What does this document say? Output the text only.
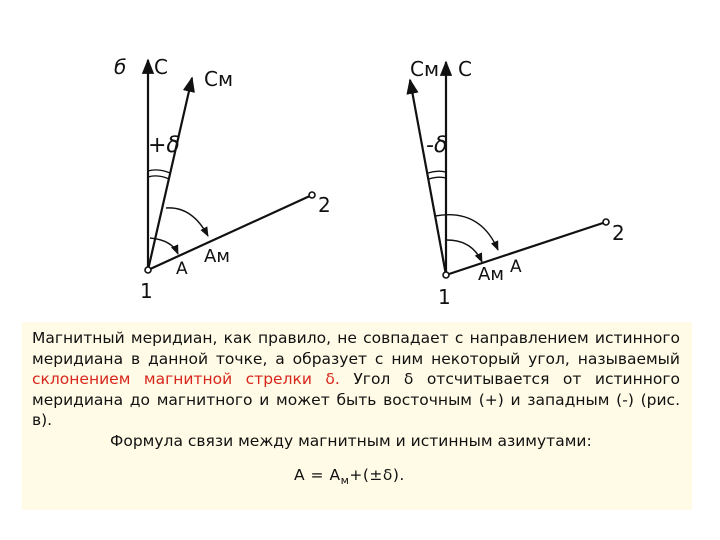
б С См
+δ
2
1
А
Ам
См С
-δ
2
1
Ам А

Магнитный меридиан, как правило, не совпадает с направлением истинного меридиана в данной точке, а образует с ним некоторый угол, называемый склонением магнитной стрелки δ. Угол δ отсчитывается от истинного меридиана до магнитного и может быть восточным (+) и западным (-) (рис. в).

Формула связи между магнитным и истинным азимутами:

$А = А_м+(\pm\delta)$.
